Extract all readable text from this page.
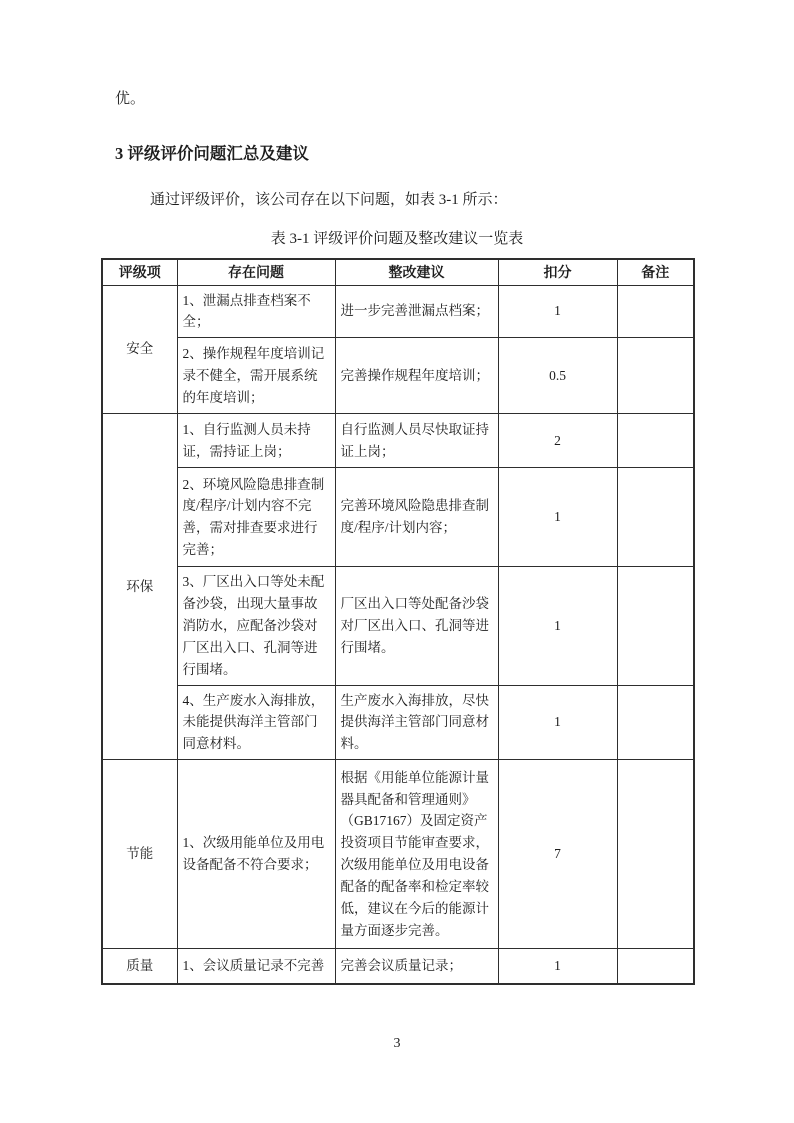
优。

3 评级评价问题汇总及建议

通过评级评价，该公司存在以下问题，如表 3-1 所示：

表 3-1 评级评价问题及整改建议一览表
评级项	存在问题	整改建议	扣分	备注
安全	1、泄漏点排查档案不全；	进一步完善泄漏点档案；	1	
	2、操作规程年度培训记录不健全，需开展系统的年度培训；	完善操作规程年度培训；	0.5	
环保	1、自行监测人员未持证，需持证上岗；	自行监测人员尽快取证持证上岗；	2	
	2、环境风险隐患排查制度/程序/计划内容不完善，需对排查要求进行完善；	完善环境风险隐患排查制度/程序/计划内容；	1	
	3、厂区出入口等处未配备沙袋，出现大量事故消防水，应配备沙袋对厂区出入口、孔洞等进行围堵。	厂区出入口等处配备沙袋对厂区出入口、孔洞等进行围堵。	1	
	4、生产废水入海排放，未能提供海洋主管部门同意材料。	生产废水入海排放，尽快提供海洋主管部门同意材料。	1	
节能	1、次级用能单位及用电设备配备不符合要求；	根据《用能单位能源计量器具配备和管理通则》（GB17167）及固定资产投资项目节能审查要求，次级用能单位及用电设备配备的配备率和检定率较低，建议在今后的能源计量方面逐步完善。	7	
质量	1、会议质量记录不完善	完善会议质量记录；	1	
3
